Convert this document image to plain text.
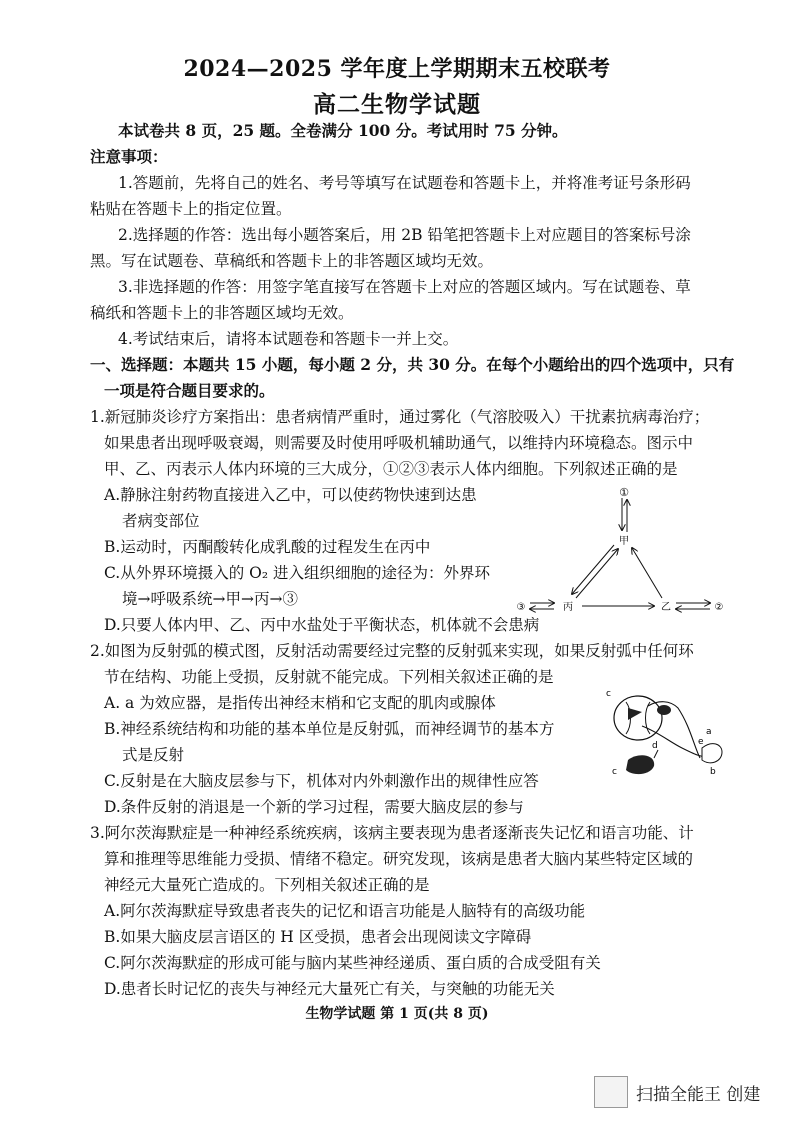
2024—2025 学年度上学期期末五校联考
高二生物学试题
本试卷共 8 页，25 题。全卷满分 100 分。考试用时 75 分钟。
注意事项：
1.答题前，先将自己的姓名、考号等填写在试题卷和答题卡上，并将准考证号条形码
粘贴在答题卡上的指定位置。
2.选择题的作答：选出每小题答案后，用 2B 铅笔把答题卡上对应题目的答案标号涂
黑。写在试题卷、草稿纸和答题卡上的非答题区域均无效。
3.非选择题的作答：用签字笔直接写在答题卡上对应的答题区域内。写在试题卷、草
稿纸和答题卡上的非答题区域均无效。
4.考试结束后，请将本试题卷和答题卡一并上交。
一、选择题：本题共 15 小题，每小题 2 分，共 30 分。在每个小题给出的四个选项中，只有
一项是符合题目要求的。
1.新冠肺炎诊疗方案指出：患者病情严重时，通过雾化（气溶胶吸入）干扰素抗病毒治疗；
如果患者出现呼吸衰竭，则需要及时使用呼吸机辅助通气，以维持内环境稳态。图示中
甲、乙、丙表示人体内环境的三大成分，①②③表示人体内细胞。下列叙述正确的是
A.静脉注射药物直接进入乙中，可以使药物快速到达患
者病变部位
B.运动时，丙酮酸转化成乳酸的过程发生在丙中
C.从外界环境摄入的 O₂ 进入组织细胞的途径为：外界环
境→呼吸系统→甲→丙→③
D.只要人体内甲、乙、丙中水盐处于平衡状态，机体就不会患病
①
甲
丙	乙
③	②
2.如图为反射弧的模式图，反射活动需要经过完整的反射弧来实现，如果反射弧中任何环
节在结构、功能上受损，反射就不能完成。下列相关叙述正确的是
A. a 为效应器，是指传出神经末梢和它支配的肌肉或腺体
B.神经系统结构和功能的基本单位是反射弧，而神经调节的基本方
式是反射
C.反射是在大脑皮层参与下，机体对内外刺激作出的规律性应答
D.条件反射的消退是一个新的学习过程，需要大脑皮层的参与
c
a
b
c
d	e
3.阿尔茨海默症是一种神经系统疾病，该病主要表现为患者逐渐丧失记忆和语言功能、计
算和推理等思维能力受损、情绪不稳定。研究发现，该病是患者大脑内某些特定区域的
神经元大量死亡造成的。下列相关叙述正确的是
A.阿尔茨海默症导致患者丧失的记忆和语言功能是人脑特有的高级功能
B.如果大脑皮层言语区的 H 区受损，患者会出现阅读文字障碍
C.阿尔茨海默症的形成可能与脑内某些神经递质、蛋白质的合成受阻有关
D.患者长时记忆的丧失与神经元大量死亡有关，与突触的功能无关
生物学试题 第 1 页(共 8 页)
扫描全能王 创建
